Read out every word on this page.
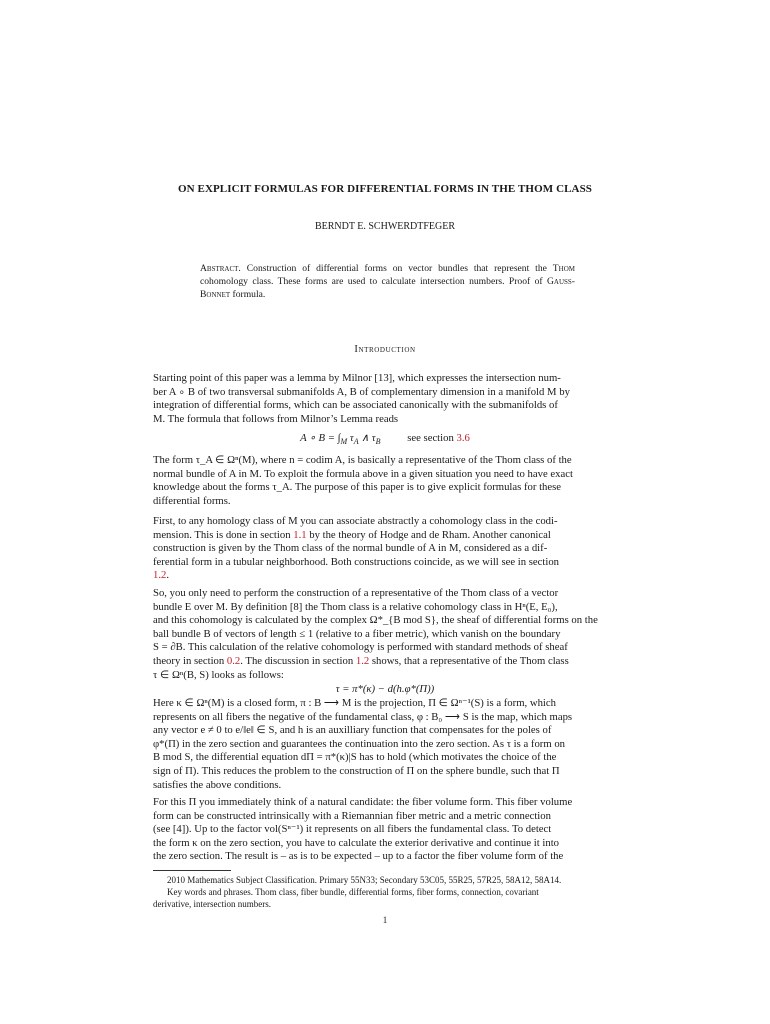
ON EXPLICIT FORMULAS FOR DIFFERENTIAL FORMS IN THE THOM CLASS
BERNDT E. SCHWERDTFEGER
Abstract. Construction of differential forms on vector bundles that represent the Thom cohomology class. These forms are used to calculate intersection numbers. Proof of Gauss-Bonnet formula.
Introduction

Starting point of this paper was a lemma by Milnor [13], which expresses the intersection num-

ber A ∘ B of two transversal submanifolds A, B of complementary dimension in a manifold M by

integration of differential forms, which can be associated canonically with the submanifolds of

M. The formula that follows from Milnor’s Lemma reads

A ∘ $B = \int_M$ $\tau_A$ ∧ $\tau_B$ see section 3.6

The form τ_A ∈ Ωⁿ(M), where n = codim A, is basically a representative of the Thom class of the

normal bundle of A in M. To exploit the formula above in a given situation you need to have exact

knowledge about the forms τ_A. The purpose of this paper is to give explicit formulas for these

differential forms.

First, to any homology class of M you can associate abstractly a cohomology class in the codi-

mension. This is done in section 1.1 by the theory of Hodge and de Rham. Another canonical

construction is given by the Thom class of the normal bundle of A in M, considered as a dif-

ferential form in a tubular neighborhood. Both constructions coincide, as we will see in section

1.2.

So, you only need to perform the construction of a representative of the Thom class of a vector

bundle E over M. By definition [8] the Thom class is a relative cohomology class in Hⁿ(E, E₀),

and this cohomology is calculated by the complex Ω*_{B mod S}, the sheaf of differential forms on the

ball bundle B of vectors of length ≤ 1 (relative to a fiber metric), which vanish on the boundary

S = ∂B. This calculation of the relative cohomology is performed with standard methods of sheaf

theory in section 0.2. The discussion in section 1.2 shows, that a representative of the Thom class

τ ∈ Ωⁿ(B, S) looks as follows:

τ = π*(κ) − d(h.φ*(Π))

Here κ ∈ Ωⁿ(M) is a closed form, π : B ⟶ M is the projection, Π ∈ Ωⁿ⁻¹(S) is a form, which

represents on all fibers the negative of the fundamental class, φ : B₀ ⟶ S is the map, which maps

any vector e ≠ 0 to e/‖e‖ ∈ S, and h is an auxilliary function that compensates for the poles of

φ*(Π) in the zero section and guarantees the continuation into the zero section. As τ is a form on

B mod S, the differential equation dΠ = π*(κ)|S has to hold (which motivates the choice of the

sign of Π). This reduces the problem to the construction of Π on the sphere bundle, such that Π

satisfies the above conditions.

For this Π you immediately think of a natural candidate: the fiber volume form. This fiber volume

form can be constructed intrinsically with a Riemannian fiber metric and a metric connection

(see [4]). Up to the factor vol(Sⁿ⁻¹) it represents on all fibers the fundamental class. To detect

the form κ on the zero section, you have to calculate the exterior derivative and continue it into

the zero section. The result is – as is to be expected – up to a factor the fiber volume form of the

2010 Mathematics Subject Classification. Primary 55N33; Secondary 53C05, 55R25, 57R25, 58A12, 58A14.
Key words and phrases. Thom class, fiber bundle, differential forms, fiber forms, connection, covariant
derivative, intersection numbers.
1
